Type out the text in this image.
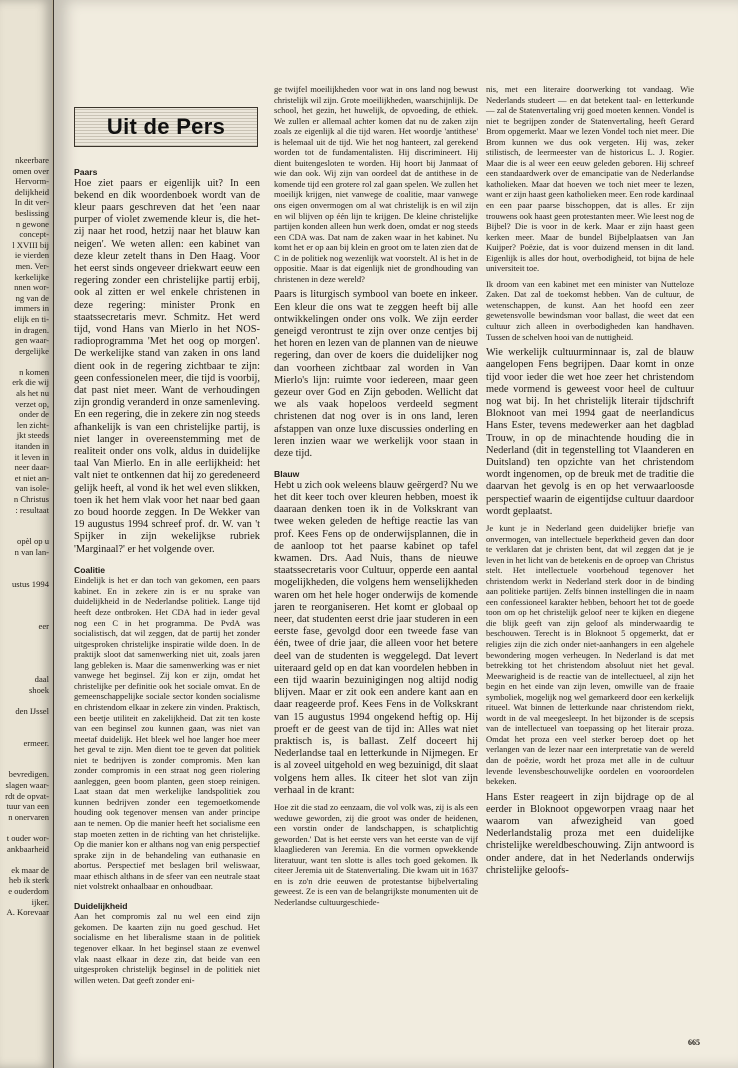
nkeerbare
omen over
Hervorm-
delijkheid
In dit ver-
beslissing
n gewone
concept-
l XVIII bij
ie vierden
men. Ver-
kerkelijke
nnen wor-
ng van de
immers in
elijk en ti-
in dragen.
gen waar-
dergelijke

n komen
erk die wij
als het nu
verzet op,
onder de
len zicht-
jkt steeds
itanden in
it leven in
neer daar-
et niet an-
van isole-
n Christus
: resultaat

opèl op u
n van lan-

ustus 1994

eer

daal
shoek

den IJssel

ermeer.

bevredigen.
slagen waar-
rdt de opvat-
tuur van een
n onervaren

t ouder wor-
ankbaarheid

ek maar de
heb ik sterk
e ouderdom
ijker.
A. Korevaar
Uit de Pers
Paars

Hoe ziet paars er eigenlijk uit? In een bekend en dik woordenboek wordt van de kleur paars geschreven dat het 'een naar purper of violet zwemende kleur is, die het-zij naar het rood, hetzij naar het blauw kan neigen'. We weten allen: een kabinet van deze kleur zetelt thans in Den Haag. Voor het eerst sinds ongeveer driekwart eeuw een regering zonder een christelijke partij erbij, ook al zitten er wel enkele christenen in deze regering: minister Pronk en staatssecretaris mevr. Schmitz. Het werd tijd, vond Hans van Mierlo in het NOS-radioprogramma 'Met het oog op morgen'. De werkelijke stand van zaken in ons land dient ook in de regering zichtbaar te zijn: geen confessionelen meer, die tijd is voorbij, dat past niet meer. Want de verhoudingen zijn grondig veranderd in onze samenleving. En een regering, die in zekere zin nog steeds afhankelijk is van een christelijke partij, is niet langer in overeenstemming met de realiteit onder ons volk, aldus in duidelijke taal Van Mierlo. En in alle eerlijkheid: het valt niet te ontkennen dat hij zo geredeneerd gelijk heeft, al vond ik het wel even slikken, toen ik het hem vlak voor het naar bed gaan zo boud hoorde zeggen. In De Wekker van 19 augustus 1994 schreef prof. dr. W. van 't Spijker in zijn wekelijkse rubriek 'Marginaal?' er het volgende over.

Coalitie

Eindelijk is het er dan toch van gekomen, een paars kabinet. En in zekere zin is er nu sprake van duidelijkheid in de Nederlandse politiek. Lange tijd heeft deze ontbroken. Het CDA had in ieder geval nog een C in het programma. De PvdA was socialistisch, dat wil zeggen, dat de partij het zonder uitgesproken christelijke inspiratie wilde doen. In de praktijk sloot dat samenwerking niet uit, zoals jaren lang gebleken is. Maar die samenwerking was er niet vanwege het beginsel. Zij kon er zijn, omdat het christelijke per definitie ook het sociale omvat. En de gemeenschappelijke sociale sector konden socialisme en christendom elkaar in zekere zin vinden. Praktisch, een beetje utiliteit en zakelijkheid. Dat zit ten koste van een beginsel zou kunnen gaan, was niet van meetaf duidelijk. Het bleek wel hoe langer hoe meer het geval te zijn. Men dient toe te geven dat politiek niet te bedrijven is zonder compromis. Men kan zonder compromis in een straat nog geen riolering aanleggen, geen boom planten, geen stoep reinigen. Laat staan dat men werkelijke landspolitiek zou kunnen bedrijven zonder een tegemoetkomende houding ook tegenover mensen van ander principe aan te nemen. Op die manier heeft het socialisme een stap moeten zetten in de richting van het christelijke. Op die manier kon er althans nog van enig perspectief sprake zijn in de behandeling van euthanasie en abortus. Perspectief met beslagen bril weliswaar, maar ethisch althans in de sfeer van een neutrale staat niet volstrekt onhaalbaar en onhoudbaar.

Duidelijkheid

Aan het compromis zal nu wel een eind zijn gekomen. De kaarten zijn nu goed geschud. Het socialisme en het liberalisme staan in de politiek tegenover elkaar. In het beginsel staan ze evenwel vlak naast elkaar in deze zin, dat beide van een uitgesproken christelijk beginsel in de politiek niet willen weten. Dat geeft zonder eni-

ge twijfel moeilijkheden voor wat in ons land nog bewust christelijk wil zijn. Grote moeilijkheden, waarschijnlijk. De school, het gezin, het huwelijk, de opvoeding, de ethiek. We zullen er allemaal achter komen dat nu de zaken zijn zoals ze eigenlijk al die tijd waren. Het woordje 'antithese' is helemaal uit de tijd. Wie het nog hanteert, zal gerekend worden tot de fundamentalisten. Hij discrimineert. Hij dient buitengesloten te worden. Hij hoort bij Janmaat of wie dan ook. Wij zijn van oordeel dat de antithese in de komende tijd een grotere rol zal gaan spelen. We zullen het moeilijk krijgen, niet vanwege de coalitie, maar vanwege ons eigen onvermogen om al wat christelijk is en wil zijn en wil blijven op één lijn te krijgen. De kleine christelijke partijen konden alleen hun werk doen, omdat er nog steeds een CDA was. Dat nam de zaken waar in het kabinet. Nu komt het er op aan bij klein en groot om te laten zien dat de C in de politiek nog wezenlijk wat voorstelt. Al is het in de oppositie. Maar is dat eigenlijk niet de grondhouding van christenen in deze wereld?

Paars is liturgisch symbool van boete en inkeer. Een kleur die ons wat te zeggen heeft bij alle ontwikkelingen onder ons volk. We zijn eerder geneigd verontrust te zijn over onze centjes bij het horen en lezen van de plannen van de nieuwe regering, dan over de koers die duidelijker nog dan voorheen zichtbaar zal worden in Van Mierlo's lijn: ruimte voor iedereen, maar geen gezeur over God en Zijn geboden. Wellicht dat we als vaak hopeloos verdeeld segment christenen dat nog over is in ons land, leren afstappen van onze luxe discussies onderling en leren inzien waar we werkelijk voor staan in deze tijd.

Blauw

Hebt u zich ook weleens blauw geërgerd? Nu we het dit keer toch over kleuren hebben, moest ik daaraan denken toen ik in de Volkskrant van twee weken geleden de heftige reactie las van prof. Kees Fens op de onderwijsplannen, die in de aanloop tot het paarse kabinet op tafel kwamen. Drs. Aad Nuis, thans de nieuwe staatssecretaris voor Cultuur, opperde een aantal mogelijkheden, die volgens hem wenselijkheden waren om het hele hoger onderwijs de komende jaren te reorganiseren. Het komt er globaal op neer, dat studenten eerst drie jaar studeren in een eerste fase, gevolgd door een tweede fase van één, twee of drie jaar, die alleen voor het betere deel van de studenten is weggelegd. Dat levert uiteraard geld op en dat kan voordelen hebben in een tijd waarin bezuinigingen nog altijd nodig blijven. Maar er zit ook een andere kant aan en daar reageerde prof. Kees Fens in de Volkskrant van 15 augustus 1994 ongekend heftig op. Hij proeft er de geest van de tijd in: Alles wat niet praktisch is, is ballast. Zelf doceert hij Nederlandse taal en letterkunde in Nijmegen. Er is al zoveel uitgehold en weg bezuinigd, dit slaat volgens hem alles. Ik citeer het slot van zijn verhaal in de krant:

Hoe zit die stad zo eenzaam, die vol volk was, zij is als een weduwe geworden, zij die groot was onder de heidenen, een vorstin onder de landschappen, is schatplichtig geworden.' Dat is het eerste vers van het eerste van de vijf klaagliederen van Jeremia. En die vormen opwekkende literatuur, want ten slotte is alles toch goed gekomen. Ik citeer Jeremia uit de Statenvertaling. Die kwam uit in 1637 en is zo'n drie eeuwen de protestantse bijbelvertaling geweest. Ze is een van de belangrijkste monumenten uit de Nederlandse cultuurgeschiede-

nis, met een literaire doorwerking tot vandaag. Wie Nederlands studeert — en dat betekent taal- en letterkunde — zal de Statenvertaling vrij goed moeten kennen. Vondel is niet te begrijpen zonder de Statenvertaling, heeft Gerard Brom opgemerkt. Maar we lezen Vondel toch niet meer. Die Brom kunnen we dus ook vergeten. Hij was, zeker stilistisch, de leermeester van de historicus L. J. Rogier. Maar die is al weer een eeuw geleden geboren. Hij schreef een standaardwerk over de emancipatie van de Nederlandse katholieken. Maar dat hoeven we toch niet meer te lezen, want er zijn haast geen katholieken meer. Een rode kardinaal en een paar paarse bisschoppen, dat is alles. Er zijn trouwens ook haast geen protestanten meer. Wie leest nog de Bijbel? Die is voor in de kerk. Maar er zijn haast geen kerken meer. Maar de bundel Bijbelplaatsen van Jan Kuijper? Poëzie, dat is voor duizend mensen in dit land. Eigenlijk is alles dor hout, overbodigheid, tot bijna de hele universiteit toe.

Ik droom van een kabinet met een minister van Nutteloze Zaken. Dat zal de toekomst hebben. Van de cultuur, de wetenschappen, de kunst. Aan het hoofd een zeer gewetensvolle bewindsman voor ballast, die weet dat een cultuur zich alleen in overbodigheden kan handhaven. Tussen de schelven hooi van de nuttigheid.

Wie werkelijk cultuurminnaar is, zal de blauw aangelopen Fens begrijpen. Daar komt in onze tijd voor ieder die wet hoe zeer het christendom mede vormend is geweest voor heel de cultuur nog wat bij. In het christelijk literair tijdschrift Bloknoot van mei 1994 gaat de neerlandicus Hans Ester, tevens medewerker aan het dagblad Trouw, in op de minachtende houding die in Nederland (dit in tegenstelling tot Vlaanderen en Duitsland) ten opzichte van het christendom wordt ingenomen, op de breuk met de traditie die daarvan het gevolg is en op het verwaarloosde perspectief waarin de eigentijdse cultuur daardoor wordt geplaatst.

Je kunt je in Nederland geen duidelijker briefje van onvermogen, van intellectuele beperktheid geven dan door te verklaren dat je christen bent, dat wil zeggen dat je je leven in het licht van de betekenis en de oproep van Christus stelt. Het intellectuele voorbehoud tegenover het christendom werkt in Nederland sterk door in de binding aan politieke partijen. Zelfs binnen instellingen die in naam een confessioneel karakter hebben, behoort het tot de goede toon om op het christelijk geloof neer te kijken en diegene die blijk geeft van zijn geloof als minderwaardig te beschouwen. Terecht is in Bloknoot 5 opgemerkt, dat er religies zijn die zich onder niet-aanhangers in een algehele bewondering mogen verheugen. In Nederland is dat met betrekking tot het christendom absoluut niet het geval. Meewarigheid is de reactie van de intellectueel, al zijn het begin en het einde van zijn leven, omwille van de fraaie symboliek, mogelijk nog wel gemarkeerd door een kerkelijk ritueel. Wat binnen de letterkunde naar christendom riekt, wordt in de val meegesleept. In het bijzonder is de scepsis van de intellectueel van toepassing op het literair proza. Omdat het proza een veel sterker beroep doet op het verlangen van de lezer naar een interpretatie van de wereld dan de poëzie, wordt het proza met alle in de cultuur levende levensbeschouwelijke oordelen en vooroordelen bekeken.

Hans Ester reageert in zijn bijdrage op de al eerder in Bloknoot opgeworpen vraag naar het waarom van afwezigheid van goed Nederlandstalig proza met een duidelijke christelijke wereldbeschouwing. Zijn antwoord is onder andere, dat in het Nederlands onderwijs christelijke geloofs-

665
